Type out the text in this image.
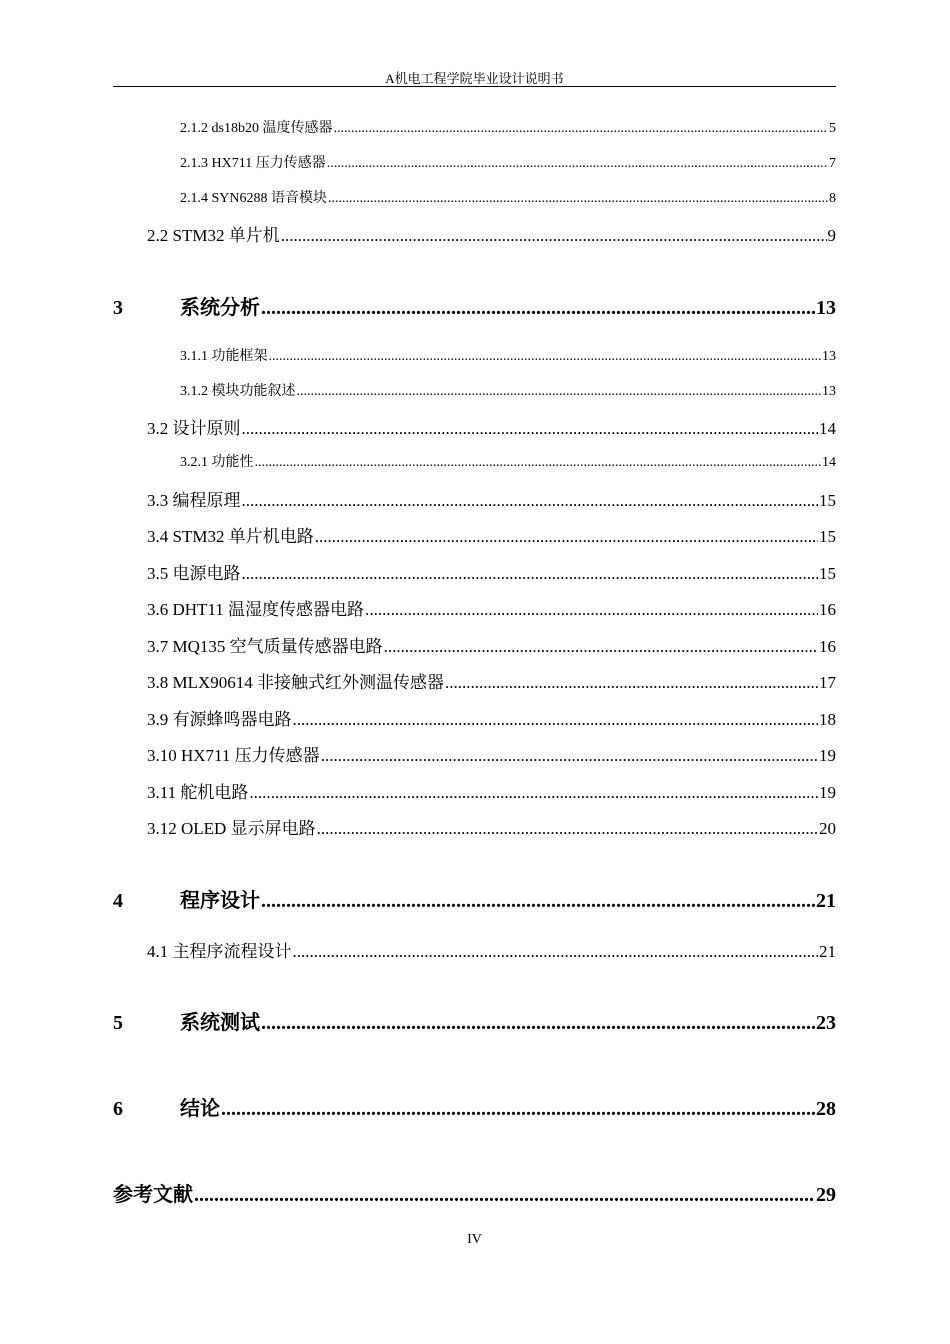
A机电工程学院毕业设计说明书
2.1.2 ds18b20 温度传感器 .....	5
2.1.3 HX711 压力传感器 .....	7
2.1.4 SYN6288 语音模块 .....	8
2.2 STM32 单片机 .....	9
3	系统分析 .....	13
3.1.1 功能框架 .....	13
3.1.2 模块功能叙述 .....	13
3.2 设计原则 .....	14
3.2.1 功能性 .....	14
3.3 编程原理 .....	15
3.4 STM32 单片机电路 .....	15
3.5 电源电路 .....	15
3.6 DHT11 温湿度传感器电路 .....	16
3.7 MQ135 空气质量传感器电路 .....	16
3.8 MLX90614 非接触式红外测温传感器 .....	17
3.9 有源蜂鸣器电路 .....	18
3.10 HX711 压力传感器 .....	19
3.11 舵机电路 .....	19
3.12 OLED 显示屏电路 .....	20
4	程序设计 .....	21
4.1 主程序流程设计 .....	21
5	系统测试 .....	23
6	结论 .....	28
参考文献 .....	29
IV
